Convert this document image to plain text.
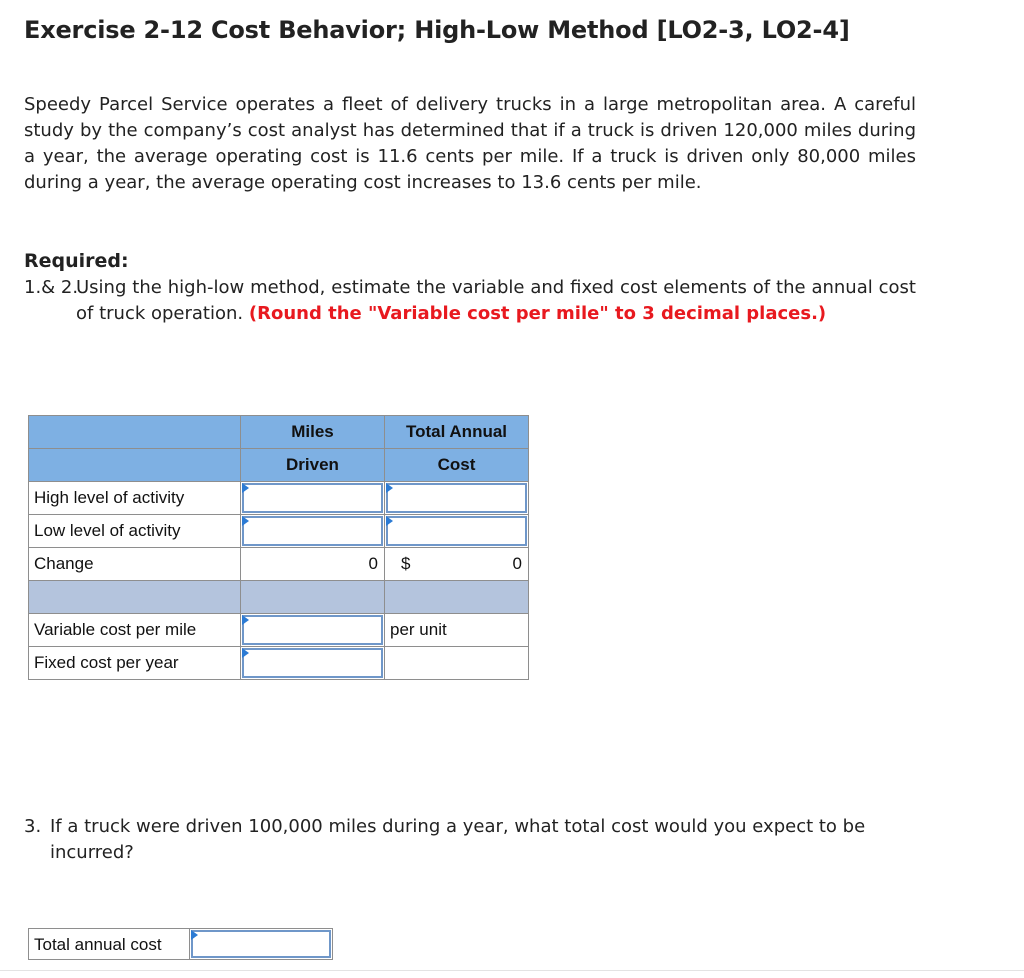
Exercise 2-12 Cost Behavior; High-Low Method [LO2-3, LO2-4]

Speedy Parcel Service operates a fleet of delivery trucks in a large metropolitan area. A careful study by the company’s cost analyst has determined that if a truck is driven 120,000 miles during a year, the average operating cost is 11.6 cents per mile. If a truck is driven only 80,000 miles during a year, the average operating cost increases to 13.6 cents per mile.

Required:
1.& 2.
Using the high-low method, estimate the variable and fixed cost elements of the annual cost of truck operation. (Round the "Variable cost per mile" to 3 decimal places.)
	Miles	Total Annual
	Driven	Cost
High level of activity	

Low level of activity	

Change	0	$ 0

Variable cost per mile		per unit
Fixed cost per year	

3. If a truck were driven 100,000 miles during a year, what total cost would you expect to be incurred?
Total annual cost
